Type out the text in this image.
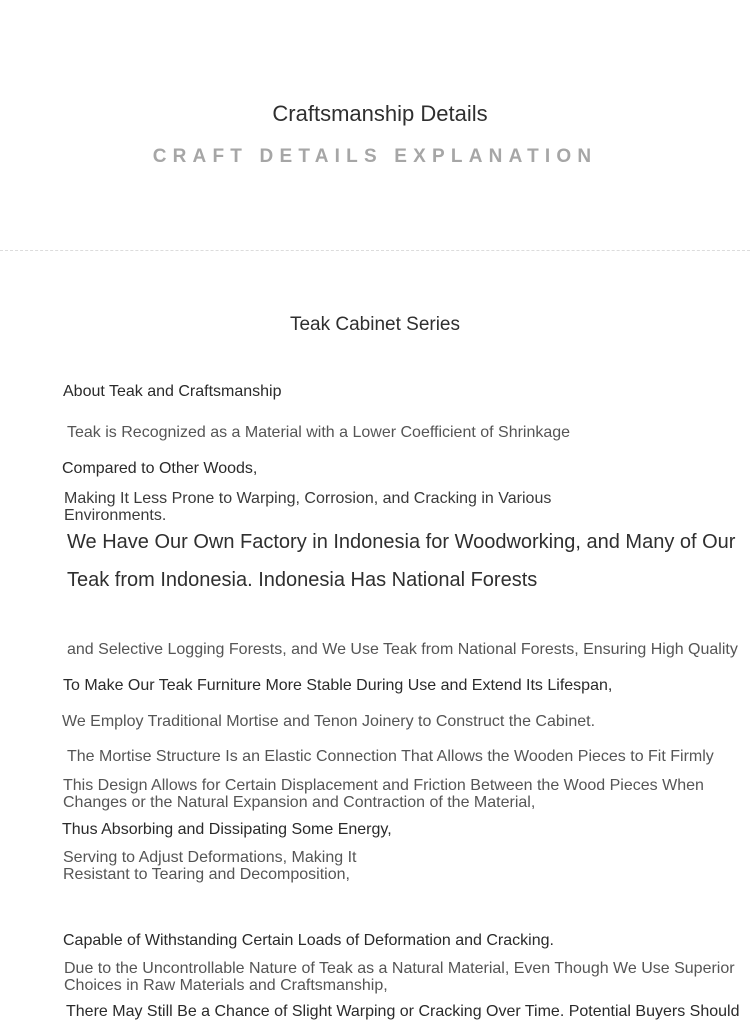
Craftsmanship Details
CRAFT DETAILS EXPLANATION
Teak Cabinet Series
About Teak and Craftsmanship
Teak is Recognized as a Material with a Lower Coefficient of Shrinkage
Compared to Other Woods,
Making It Less Prone to Warping, Corrosion, and Cracking in Various
Environments.
We Have Our Own Factory in Indonesia for Woodworking, and Many of Our
Teak from Indonesia. Indonesia Has National Forests
and Selective Logging Forests, and We Use Teak from National Forests, Ensuring High Quality
To Make Our Teak Furniture More Stable During Use and Extend Its Lifespan,
We Employ Traditional Mortise and Tenon Joinery to Construct the Cabinet.
The Mortise Structure Is an Elastic Connection That Allows the Wooden Pieces to Fit Firmly
This Design Allows for Certain Displacement and Friction Between the Wood Pieces When
Changes or the Natural Expansion and Contraction of the Material,
Thus Absorbing and Dissipating Some Energy,
Serving to Adjust Deformations, Making It
Resistant to Tearing and Decomposition,
Capable of Withstanding Certain Loads of Deformation and Cracking.
Due to the Uncontrollable Nature of Teak as a Natural Material, Even Though We Use Superior
Choices in Raw Materials and Craftsmanship,
There May Still Be a Chance of Slight Warping or Cracking Over Time. Potential Buyers Should
